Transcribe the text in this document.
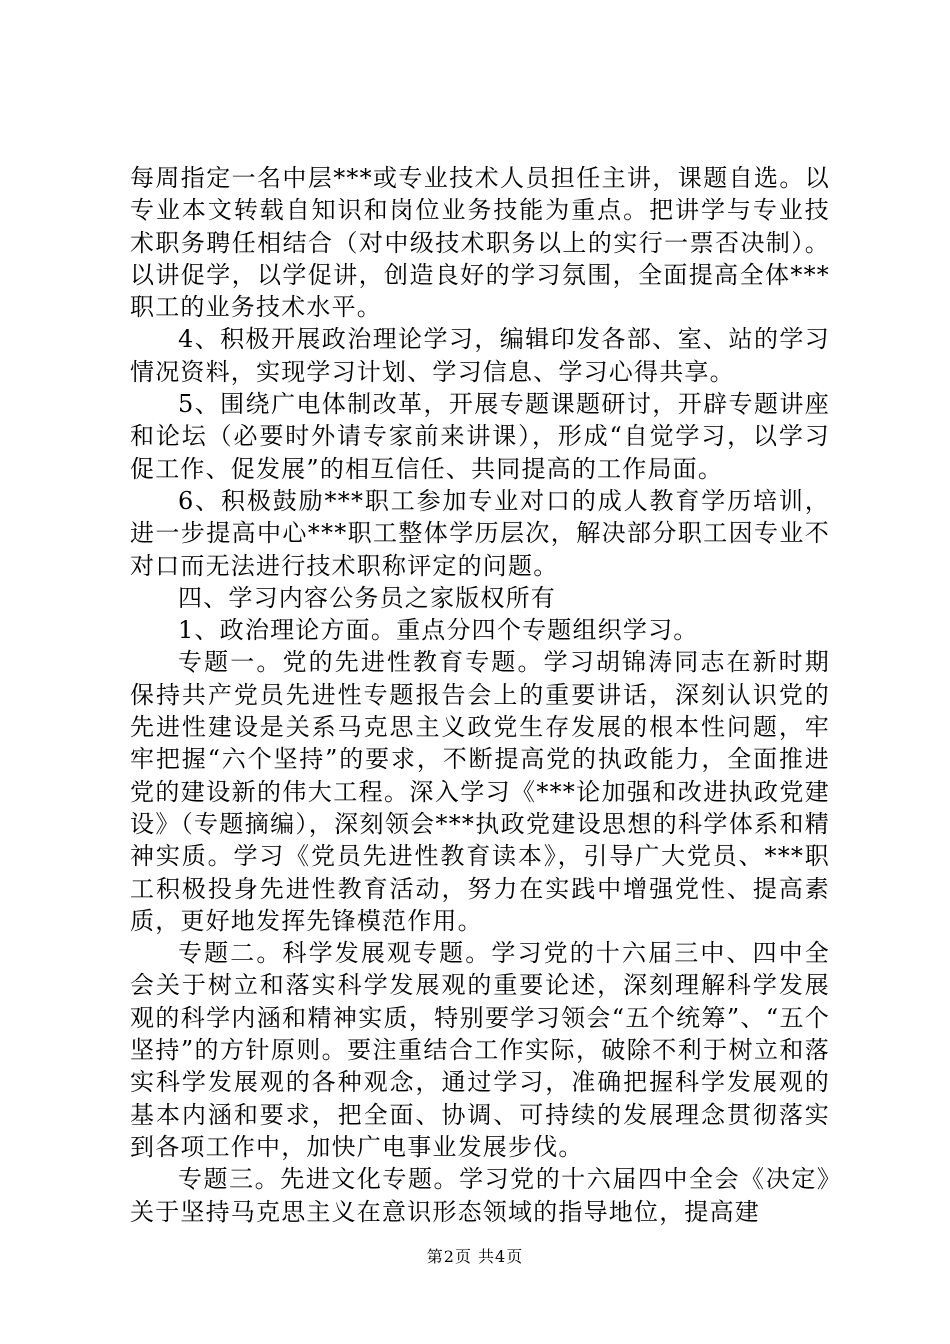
每周指定一名中层***或专业技术人员担任主讲，课题自选。以专业本文转载自知识和岗位业务技能为重点。把讲学与专业技术职务聘任相结合（对中级技术职务以上的实行一票否决制）。以讲促学，以学促讲，创造良好的学习氛围，全面提高全体***职工的业务技术水平。

4、积极开展政治理论学习，编辑印发各部、室、站的学习情况资料，实现学习计划、学习信息、学习心得共享。

5、围绕广电体制改革，开展专题课题研讨，开辟专题讲座和论坛（必要时外请专家前来讲课），形成“自觉学习，以学习促工作、促发展”的相互信任、共同提高的工作局面。

6、积极鼓励***职工参加专业对口的成人教育学历培训，进一步提高中心***职工整体学历层次，解决部分职工因专业不对口而无法进行技术职称评定的问题。

四、学习内容公务员之家版权所有

1、政治理论方面。重点分四个专题组织学习。

专题一。党的先进性教育专题。学习胡锦涛同志在新时期保持共产党员先进性专题报告会上的重要讲话，深刻认识党的先进性建设是关系马克思主义政党生存发展的根本性问题，牢牢把握“六个坚持”的要求，不断提高党的执政能力，全面推进党的建设新的伟大工程。深入学习《***论加强和改进执政党建设》（专题摘编），深刻领会***执政党建设思想的科学体系和精神实质。学习《党员先进性教育读本》，引导广大党员、***职工积极投身先进性教育活动，努力在实践中增强党性、提高素质，更好地发挥先锋模范作用。

专题二。科学发展观专题。学习党的十六届三中、四中全会关于树立和落实科学发展观的重要论述，深刻理解科学发展观的科学内涵和精神实质，特别要学习领会“五个统筹”、“五个坚持”的方针原则。要注重结合工作实际，破除不利于树立和落实科学发展观的各种观念，通过学习，准确把握科学发展观的基本内涵和要求，把全面、协调、可持续的发展理念贯彻落实到各项工作中，加快广电事业发展步伐。

专题三。先进文化专题。学习党的十六届四中全会《决定》关于坚持马克思主义在意识形态领域的指导地位，提高建

第2页 共4页
